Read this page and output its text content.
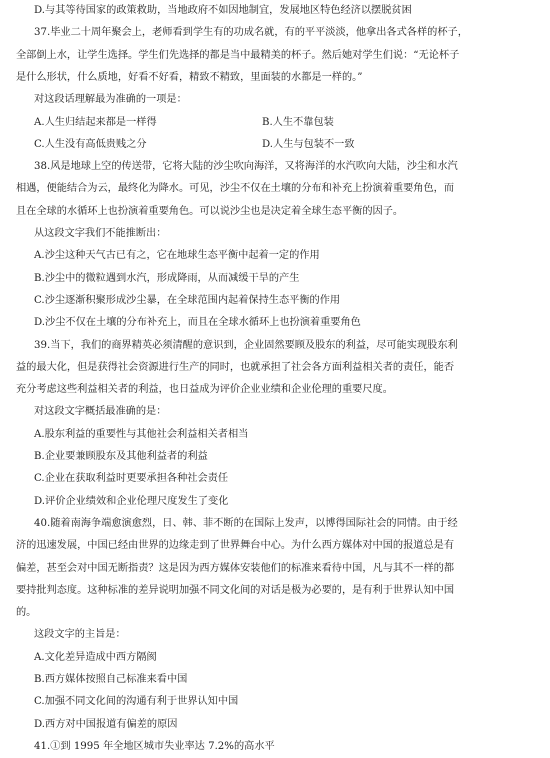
D.与其等待国家的政策救助，当地政府不如因地制宜，发展地区特色经济以摆脱贫困
37.毕业二十周年聚会上，老师看到学生有的功成名就，有的平平淡淡，他拿出各式各样的杯子，
全部倒上水，让学生选择。学生们先选择的都是当中最精美的杯子。然后她对学生们说：“无论杯子
是什么形状，什么质地，好看不好看，精致不精致，里面装的水都是一样的。”
对这段话理解最为准确的一项是：
A.人生归结起来都是一样得	B.人生不靠包装
C.人生没有高低贵贱之分	D.人生与包装不一致
38.风是地球上空的传送带，它将大陆的沙尘吹向海洋，又将海洋的水汽吹向大陆，沙尘和水汽
相遇，便能结合为云，最终化为降水。可见，沙尘不仅在土壤的分布和补充上扮演着重要角色，而
且在全球的水循环上也扮演着重要角色。可以说沙尘也是决定着全球生态平衡的因子。
从这段文字我们不能推断出：
A.沙尘这种天气古已有之，它在地球生态平衡中起着一定的作用
B.沙尘中的微粒遇到水汽，形成降雨，从而减缓干旱的产生
C.沙尘逐渐积聚形成沙尘暴，在全球范围内起着保持生态平衡的作用
D.沙尘不仅在土壤的分布补充上，而且在全球水循环上也扮演着重要角色
39.当下，我们的商界精英必须清醒的意识到，企业固然要顾及股东的利益，尽可能实现股东利
益的最大化，但是获得社会资源进行生产的同时，也就承担了社会各方面利益相关者的责任，能否
充分考虑这些利益相关者的利益，也日益成为评价企业业绩和企业伦理的重要尺度。
对这段文字概括最准确的是：
A.股东利益的重要性与其他社会利益相关者相当
B.企业要兼顾股东及其他利益者的利益
C.企业在获取利益时更要承担各种社会责任
D.评价企业绩效和企业伦理尺度发生了变化
40.随着南海争端愈演愈烈，日、韩、菲不断的在国际上发声，以博得国际社会的同情。由于经
济的迅速发展，中国已经由世界的边缘走到了世界舞台中心。为什么西方媒体对中国的报道总是有
偏差，甚至会对中国无断指责？这是因为西方媒体安装他们的标准来看待中国，凡与其不一样的都
要持批判态度。这种标准的差异说明加强不同文化间的对话是极为必要的，是有利于世界认知中国
的。
这段文字的主旨是：
A.文化差异造成中西方隔阂
B.西方媒体按照自己标准来看中国
C.加强不同文化间的沟通有利于世界认知中国
D.西方对中国报道有偏差的原因
41.①到 1995 年全地区城市失业率达 7.2%的高水平
